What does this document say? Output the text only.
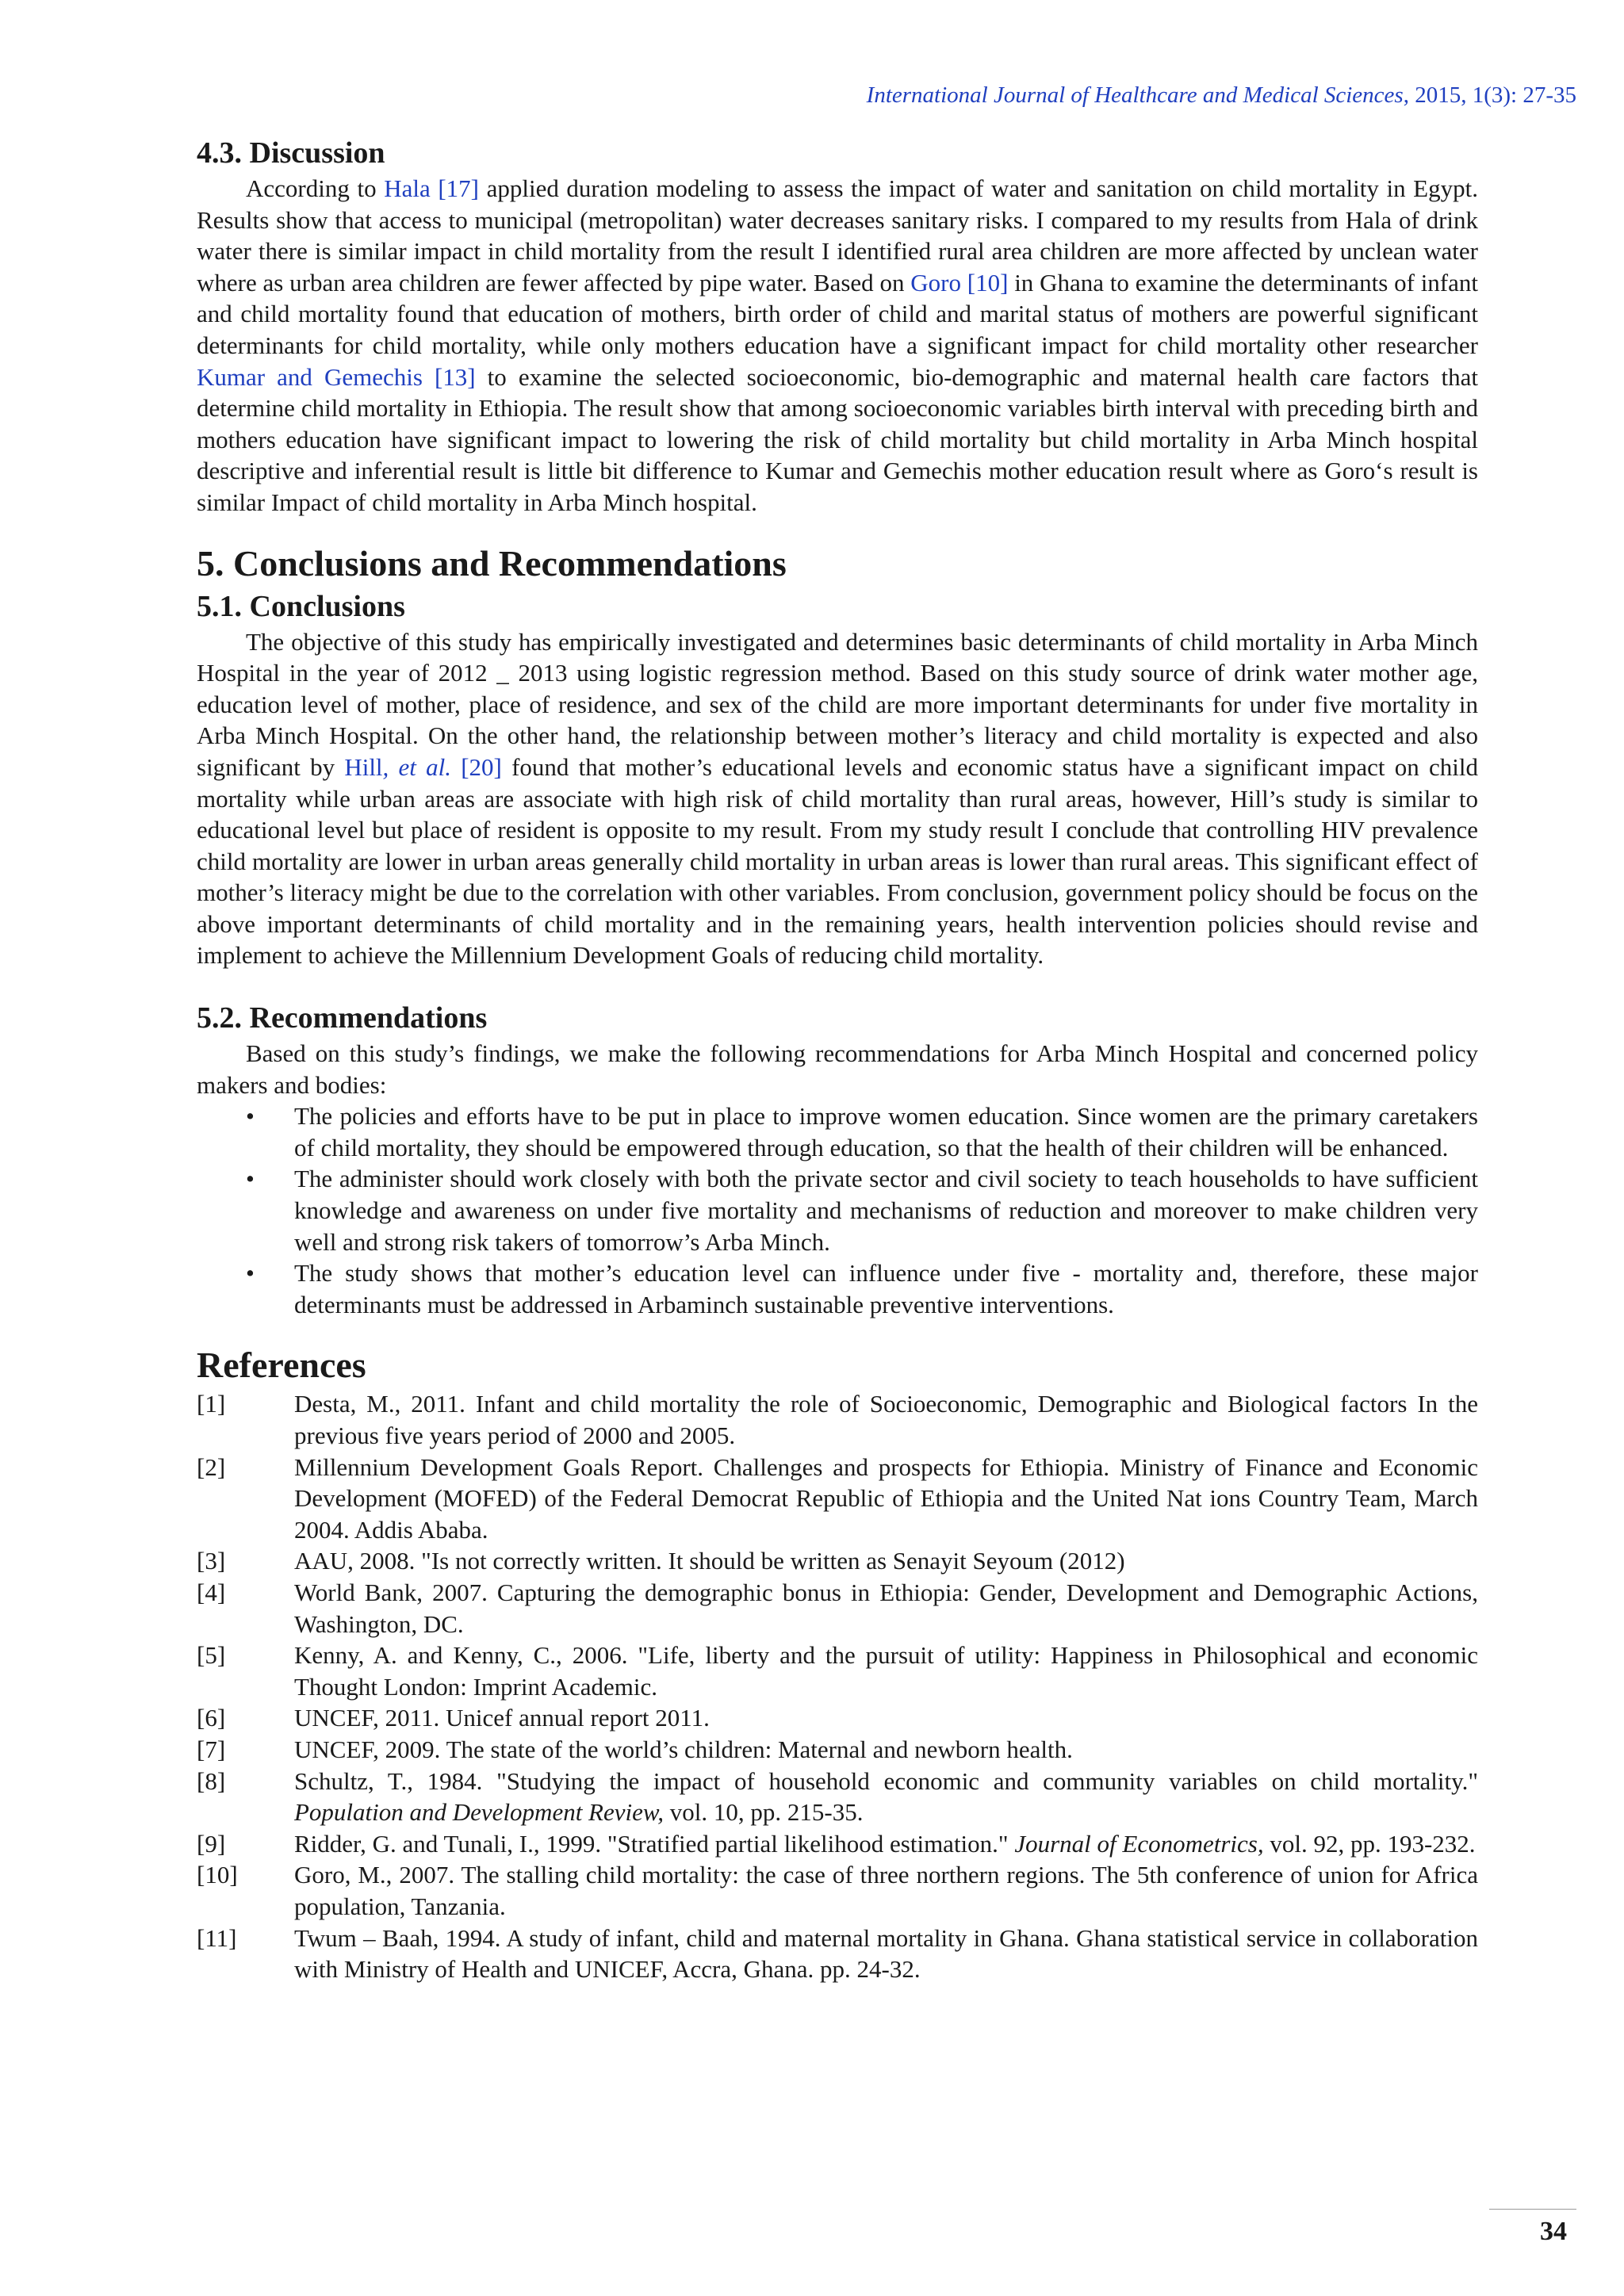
International Journal of Healthcare and Medical Sciences, 2015, 1(3): 27-35
4.3. Discussion

According to Hala [17] applied duration modeling to assess the impact of water and sanitation on child mortality in Egypt. Results show that access to municipal (metropolitan) water decreases sanitary risks. I compared to my results from Hala of drink water there is similar impact in child mortality from the result I identified rural area children are more affected by unclean water where as urban area children are fewer affected by pipe water. Based on Goro [10] in Ghana to examine the determinants of infant and child mortality found that education of mothers, birth order of child and marital status of mothers are powerful significant determinants for child mortality, while only mothers education have a significant impact for child mortality other researcher Kumar and Gemechis [13] to examine the selected socioeconomic, bio-demographic and maternal health care factors that determine child mortality in Ethiopia. The result show that among socioeconomic variables birth interval with preceding birth and mothers education have significant impact to lowering the risk of child mortality but child mortality in Arba Minch hospital descriptive and inferential result is little bit difference to Kumar and Gemechis mother education result where as Goro‘s result is similar Impact of child mortality in Arba Minch hospital.

5. Conclusions and Recommendations
5.1. Conclusions

The objective of this study has empirically investigated and determines basic determinants of child mortality in Arba Minch Hospital in the year of 2012 _ 2013 using logistic regression method. Based on this study source of drink water mother age, education level of mother, place of residence, and sex of the child are more important determinants for under five mortality in Arba Minch Hospital. On the other hand, the relationship between mother’s literacy and child mortality is expected and also significant by Hill, et al. [20] found that mother’s educational levels and economic status have a significant impact on child mortality while urban areas are associate with high risk of child mortality than rural areas, however, Hill’s study is similar to educational level but place of resident is opposite to my result. From my study result I conclude that controlling HIV prevalence child mortality are lower in urban areas generally child mortality in urban areas is lower than rural areas. This significant effect of mother’s literacy might be due to the correlation with other variables. From conclusion, government policy should be focus on the above important determinants of child mortality and in the remaining years, health intervention policies should revise and implement to achieve the Millennium Development Goals of reducing child mortality.

5.2. Recommendations

Based on this study’s findings, we make the following recommendations for Arba Minch Hospital and concerned policy makers and bodies:

• The policies and efforts have to be put in place to improve women education. Since women are the primary caretakers of child mortality, they should be empowered through education, so that the health of their children will be enhanced.
• The administer should work closely with both the private sector and civil society to teach households to have sufficient knowledge and awareness on under five mortality and mechanisms of reduction and moreover to make children very well and strong risk takers of tomorrow’s Arba Minch.
• The study shows that mother’s education level can influence under five - mortality and, therefore, these major determinants must be addressed in Arbaminch sustainable preventive interventions.
References
[1]	Desta, M., 2011. Infant and child mortality the role of Socioeconomic, Demographic and Biological factors In the previous five years period of 2000 and 2005.
[2]	Millennium Development Goals Report. Challenges and prospects for Ethiopia. Ministry of Finance and Economic Development (MOFED) of the Federal Democrat Republic of Ethiopia and the United Nat ions Country Team, March 2004. Addis Ababa.
[3]	AAU, 2008. "Is not correctly written. It should be written as Senayit Seyoum (2012)
[4]	World Bank, 2007. Capturing the demographic bonus in Ethiopia: Gender, Development and Demographic Actions, Washington, DC.
[5]	Kenny, A. and Kenny, C., 2006. "Life, liberty and the pursuit of utility: Happiness in Philosophical and economic Thought London: Imprint Academic.
[6]	UNCEF, 2011. Unicef annual report 2011.
[7]	UNCEF, 2009. The state of the world’s children: Maternal and newborn health.
[8]	Schultz, T., 1984. "Studying the impact of household economic and community variables on child mortality." Population and Development Review, vol. 10, pp. 215-35.
[9]	Ridder, G. and Tunali, I., 1999. "Stratified partial likelihood estimation." Journal of Econometrics, vol. 92, pp. 193-232.
[10] Goro, M., 2007. The stalling child mortality: the case of three northern regions. The 5th conference of union for Africa population, Tanzania.
[11] Twum – Baah, 1994. A study of infant, child and maternal mortality in Ghana. Ghana statistical service in collaboration with Ministry of Health and UNICEF, Accra, Ghana. pp. 24-32.
34
